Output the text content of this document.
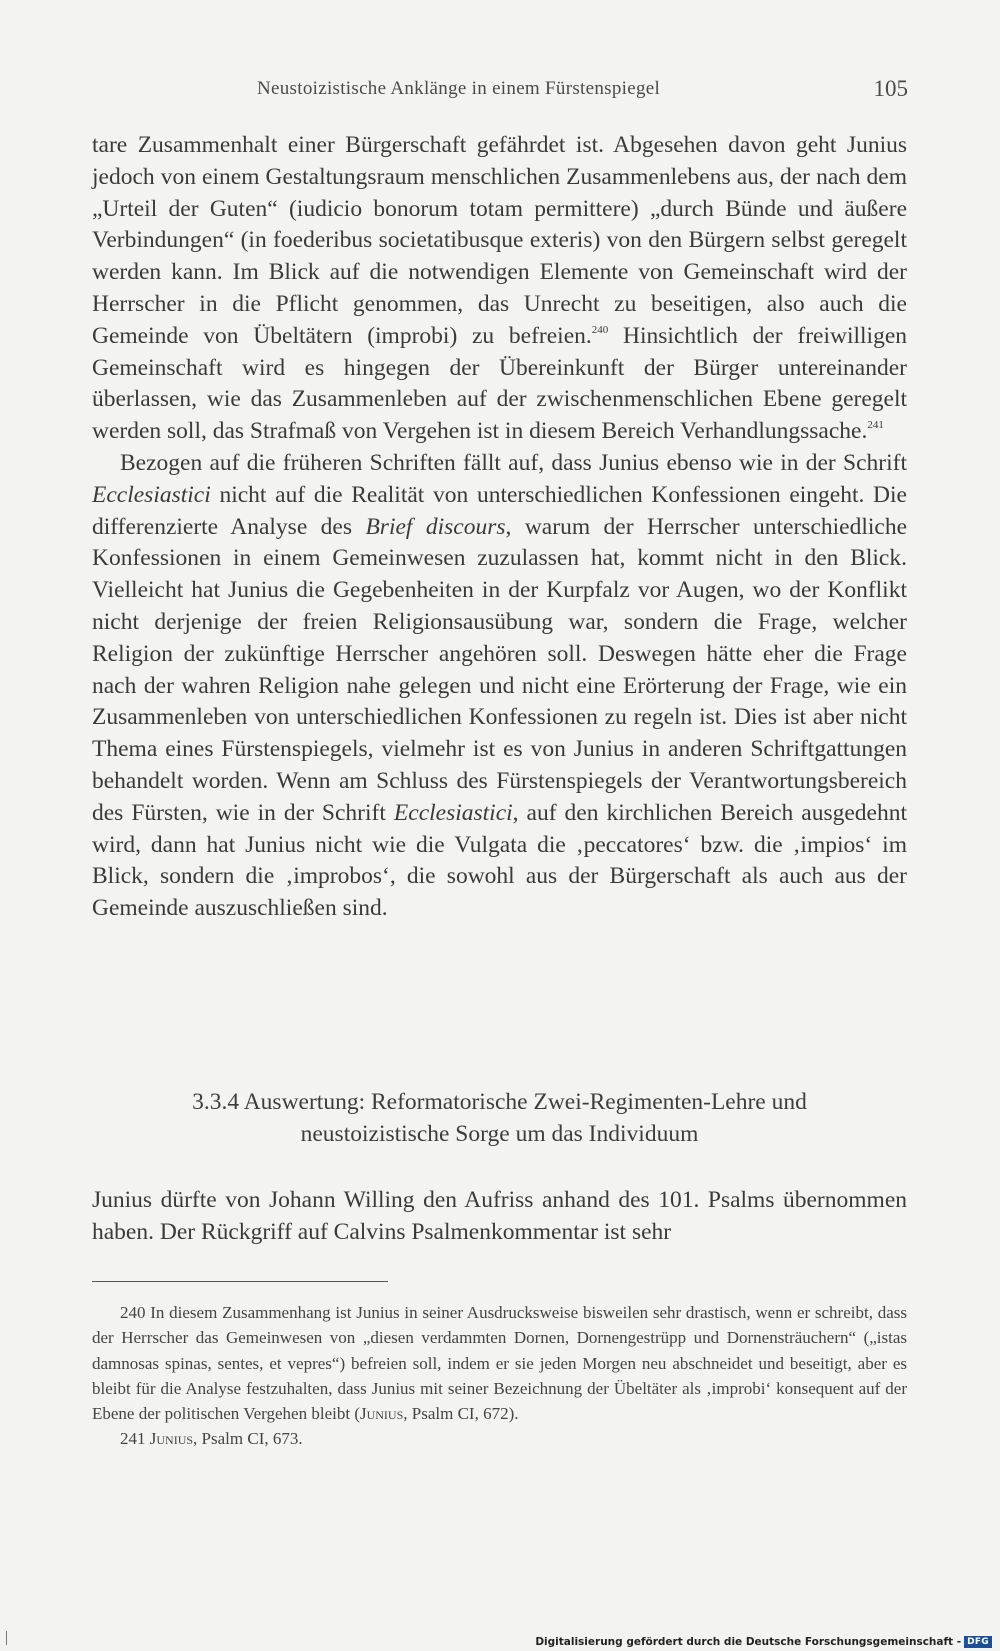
Neustoizistische Anklänge in einem Fürstenspiegel	105

tare Zusammenhalt einer Bürgerschaft gefährdet ist. Abgesehen davon geht Junius jedoch von einem Gestaltungsraum menschlichen Zusammenlebens aus, der nach dem „Urteil der Guten“ (iudicio bonorum totam permittere) „durch Bünde und äußere Verbindungen“ (in foederibus societatibusque exteris) von den Bürgern selbst geregelt werden kann. Im Blick auf die notwendigen Elemente von Gemeinschaft wird der Herrscher in die Pflicht genommen, das Unrecht zu beseitigen, also auch die Gemeinde von Übeltätern (improbi) zu befreien.$^{240}$ Hinsichtlich der freiwilligen Gemeinschaft wird es hingegen der Übereinkunft der Bürger untereinander überlassen, wie das Zusammenleben auf der zwischenmenschlichen Ebene geregelt werden soll, das Strafmaß von Vergehen ist in diesem Bereich Verhandlungssache.$^{241}$

Bezogen auf die früheren Schriften fällt auf, dass Junius ebenso wie in der Schrift Ecclesiastici nicht auf die Realität von unterschiedlichen Konfessionen eingeht. Die differenzierte Analyse des Brief discours, warum der Herrscher unterschiedliche Konfessionen in einem Gemeinwesen zuzulassen hat, kommt nicht in den Blick. Vielleicht hat Junius die Gegebenheiten in der Kurpfalz vor Augen, wo der Konflikt nicht derjenige der freien Religionsausübung war, sondern die Frage, welcher Religion der zukünftige Herrscher angehören soll. Deswegen hätte eher die Frage nach der wahren Religion nahe gelegen und nicht eine Erörterung der Frage, wie ein Zusammenleben von unterschiedlichen Konfessionen zu regeln ist. Dies ist aber nicht Thema eines Fürstenspiegels, vielmehr ist es von Junius in anderen Schriftgattungen behandelt worden. Wenn am Schluss des Fürstenspiegels der Verantwortungsbereich des Fürsten, wie in der Schrift Ecclesiastici, auf den kirchlichen Bereich ausgedehnt wird, dann hat Junius nicht wie die Vulgata die ‚peccatores‘ bzw. die ‚impios‘ im Blick, sondern die ‚improbos‘, die sowohl aus der Bürgerschaft als auch aus der Gemeinde auszuschließen sind.

3.3.4 Auswertung: Reformatorische Zwei-Regimenten-Lehre und
neustoizistische Sorge um das Individuum

Junius dürfte von Johann Willing den Aufriss anhand des 101. Psalms übernommen haben. Der Rückgriff auf Calvins Psalmenkommentar ist sehr

240 In diesem Zusammenhang ist Junius in seiner Ausdrucksweise bisweilen sehr drastisch, wenn er schreibt, dass der Herrscher das Gemeinwesen von „diesen verdammten Dornen, Dornengestrüpp und Dornensträuchern“ („istas damnosas spinas, sentes, et vepres“) befreien soll, indem er sie jeden Morgen neu abschneidet und beseitigt, aber es bleibt für die Analyse festzuhalten, dass Junius mit seiner Bezeichnung der Übeltäter als ‚improbi‘ konsequent auf der Ebene der politischen Vergehen bleibt (Junius, Psalm CI, 672).

241 Junius, Psalm CI, 673.

Digitalisierung gefördert durch die Deutsche Forschungsgemeinschaft - DFG
